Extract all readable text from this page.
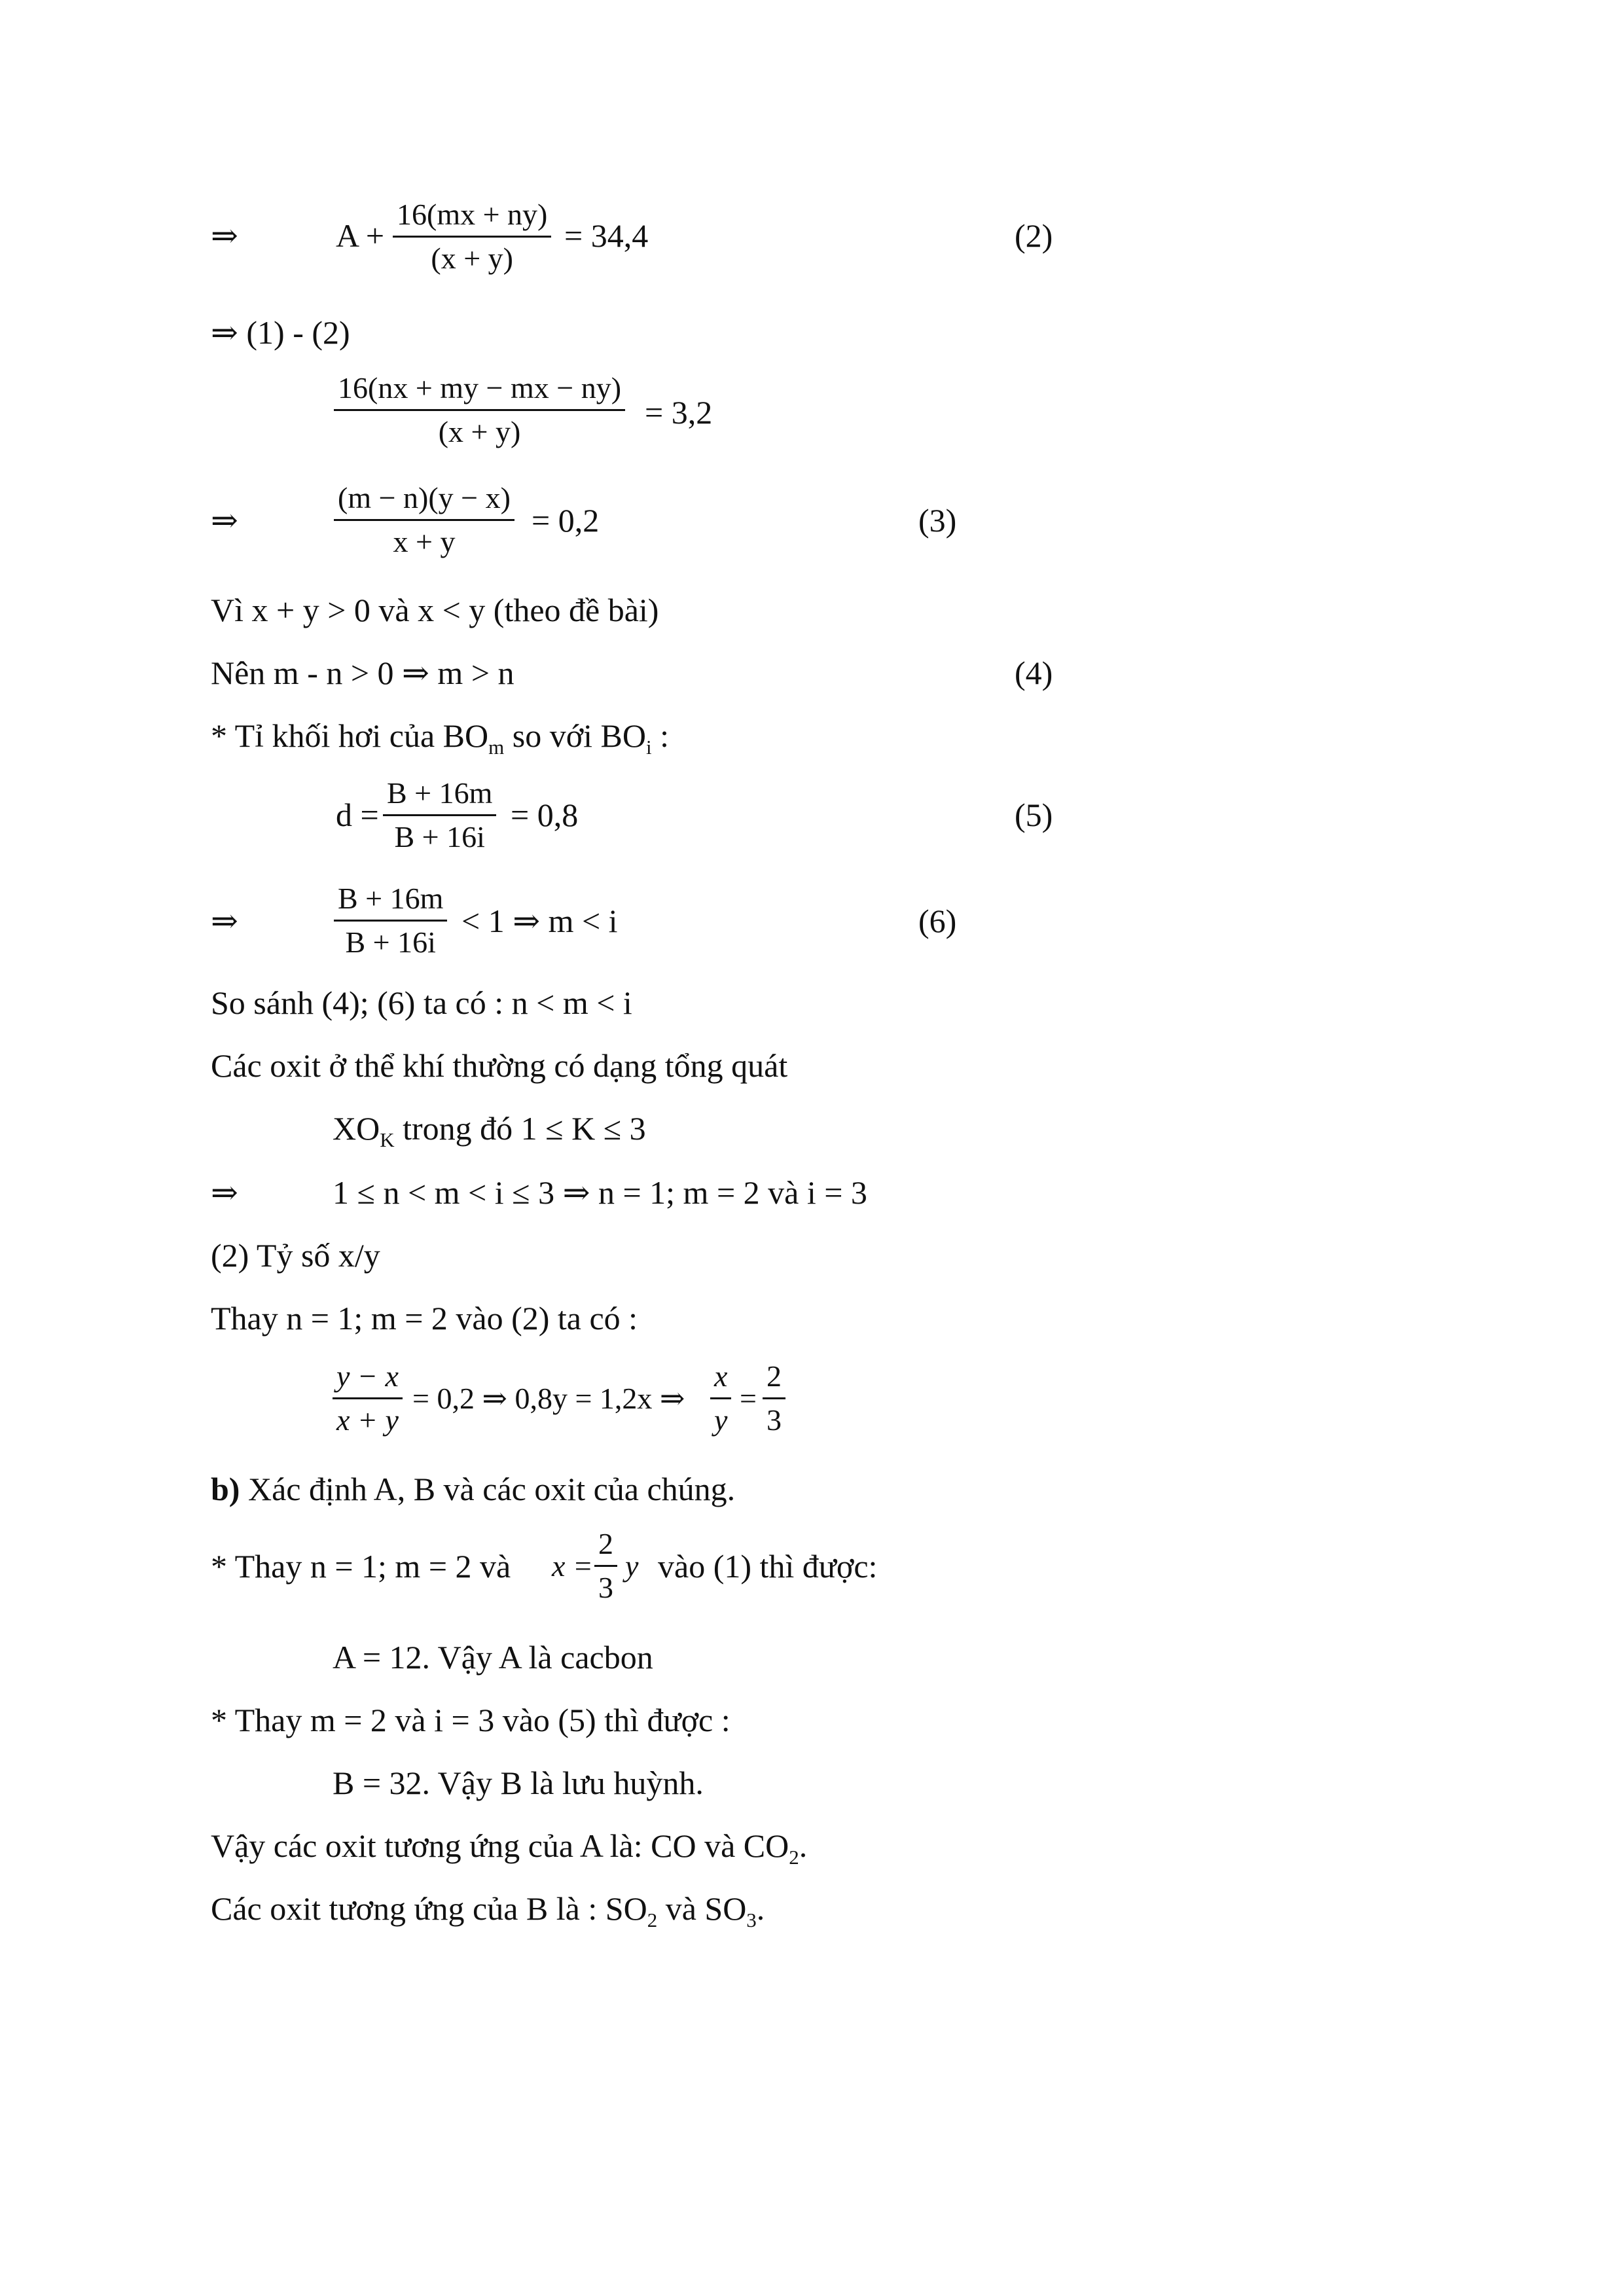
⇒	A +
16(mx + ny)
(x + y)
= 34,4	(2)
⇒ (1) - (2)
16(nx + my − mx − ny)
(x + y)
= 3,2
⇒
(m − n)(y − x)
x + y
= 0,2	(3)
Vì x + y > 0 và x < y (theo đề bài)
Nên m - n > 0 ⇒ m > n	(4)
* Tỉ khối hơi của $BO_m$ so với $BO_i$ :
d =
B + 16m
B + 16i
= 0,8	(5)
⇒
B + 16m
B + 16i
< 1 ⇒ m < i	(6)
So sánh (4); (6) ta có : n < m < i
Các oxit ở thể khí thường có dạng tổng quát
$XO_K$ trong đó 1 ≤ K ≤ 3
⇒	1 ≤ n < m < i ≤ 3 ⇒ n = 1; m = 2 và i = 3
(2) Tỷ số x/y
Thay n = 1; m = 2 vào (2) ta có :
y − x
x + y
= 0,2 ⇒ 0,8y = 1,2x ⇒
x
y
=
2
3
b) Xác định A, B và các oxit của chúng.
* Thay n = 1; m = 2 và x =
2
3
y vào (1) thì được:
A = 12. Vậy A là cacbon
* Thay m = 2 và i = 3 vào (5) thì được :
B = 32. Vậy B là lưu huỳnh.
Vậy các oxit tương ứng của A là: CO và $CO_2$.
Các oxit tương ứng của B là : $SO_2$ và $SO_3$.
